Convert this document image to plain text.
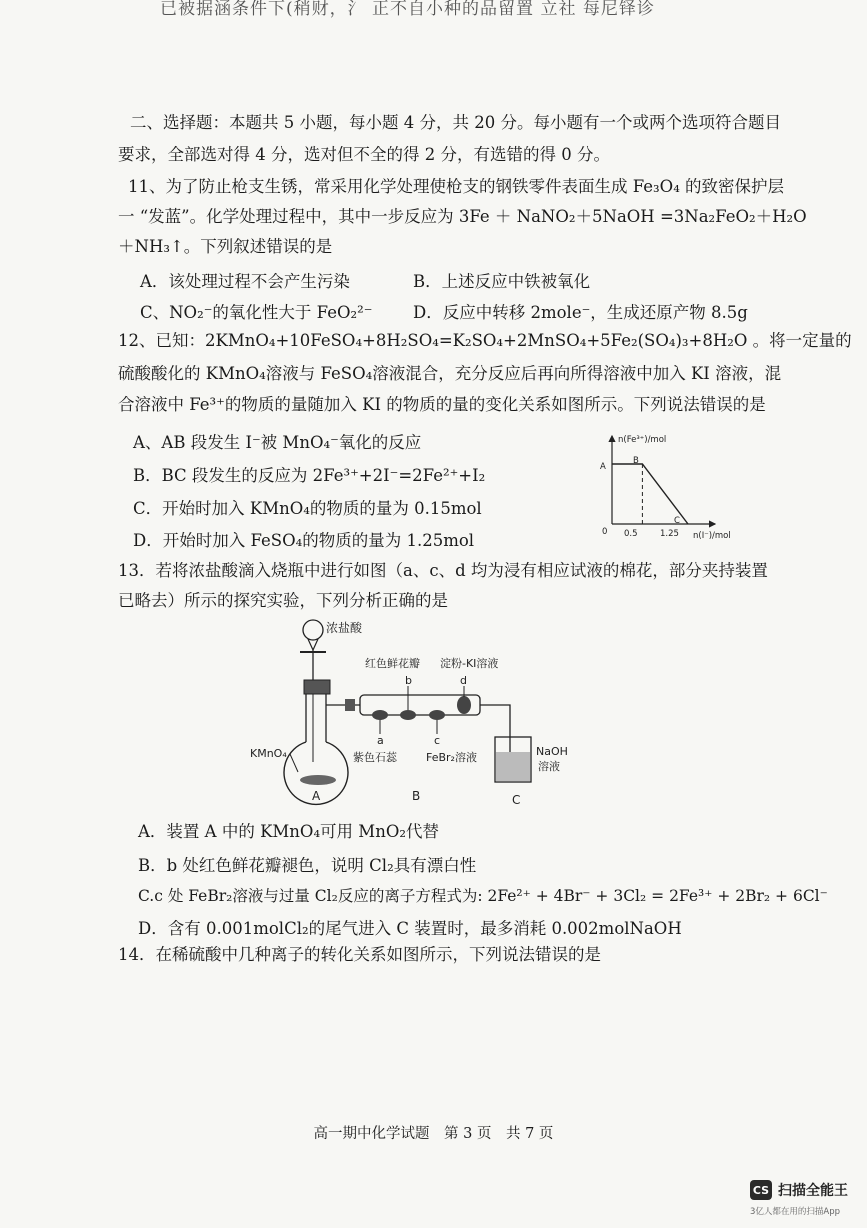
已被据涵条件下(稍财，氵 正不自小种的品留置 立社 每尼铎诊
二、选择题：本题共 5 小题，每小题 4 分，共 20 分。每小题有一个或两个选项符合题目
要求，全部选对得 4 分，选对但不全的得 2 分，有选错的得 0 分。
11、为了防止枪支生锈，常采用化学处理使枪支的钢铁零件表面生成 Fe₃O₄ 的致密保护层
一 “发蓝”。化学处理过程中，其中一步反应为 3Fe ＋ NaNO₂＋5NaOH =3Na₂FeO₂＋H₂O
＋NH₃↑。下列叙述错误的是
A．该处理过程不会产生污染	B．上述反应中铁被氧化
C、NO₂⁻的氧化性大于 FeO₂²⁻ D．反应中转移 2mole⁻，生成还原产物 8.5g
12、已知：2KMnO₄+10FeSO₄+8H₂SO₄=K₂SO₄+2MnSO₄+5Fe₂(SO₄)₃+8H₂O 。将一定量的
硫酸酸化的 KMnO₄溶液与 FeSO₄溶液混合，充分反应后再向所得溶液中加入 KI 溶液，混
合溶液中 Fe³⁺的物质的量随加入 KI 的物质的量的变化关系如图所示。下列说法错误的是
A、AB 段发生 I⁻被 MnO₄⁻氧化的反应
B．BC 段发生的反应为 2Fe³⁺+2I⁻=2Fe²⁺+I₂
C．开始时加入 KMnO₄的物质的量为 0.15mol
D．开始时加入 FeSO₄的物质的量为 1.25mol
n(Fe³⁺)/mol
n(I⁻)/mol
A
B
C
0 0.5	1.25
13．若将浓盐酸滴入烧瓶中进行如图（a、c、d 均为浸有相应试液的棉花，部分夹持装置
已略去）所示的探究实验，下列分析正确的是
浓盐酸
KMnO₄
红色鲜花瓣 淀粉-KI溶液
b	d
a	c
紫色石蕊	FeBr₂溶液	NaOH
溶液
A	B	C
A．装置 A 中的 KMnO₄可用 MnO₂代替
B．b 处红色鲜花瓣褪色，说明 Cl₂具有漂白性
C.c 处 FeBr₂溶液与过量 Cl₂反应的离子方程式为: 2Fe²⁺ + 4Br⁻ + 3Cl₂ = 2Fe³⁺ + 2Br₂ + 6Cl⁻
D．含有 0.001molCl₂的尾气进入 C 装置时，最多消耗 0.002molNaOH
14．在稀硫酸中几种离子的转化关系如图所示，下列说法错误的是
高一期中化学试题　第 3 页　共 7 页
CS 扫描全能王
3亿人都在用的扫描App
